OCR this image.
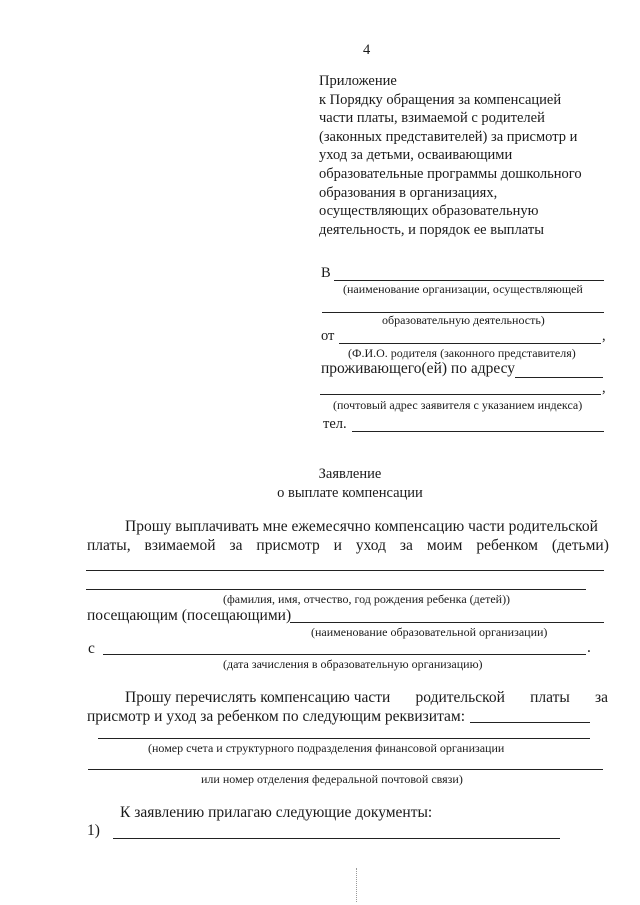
4
Приложение
к Порядку обращения за компенсацией
части платы, взимаемой с родителей
(законных представителей) за присмотр и
уход за детьми, осваивающими
образовательные программы дошкольного
образования в организациях,
осуществляющих образовательную
деятельность, и порядок ее выплаты
В
(наименование организации, осуществляющей
образовательную деятельность)
от	,
(Ф.И.О. родителя (законного представителя)
проживающего(ей) по адресу
,
(почтовый адрес заявителя с указанием индекса)
тел.
Заявление
о выплате компенсации
Прошу выплачивать мне ежемесячно компенсацию части родительской
платы, взимаемой за присмотр и уход за моим ребенком (детьми)
(фамилия, имя, отчество, год рождения ребенка (детей))
посещающим (посещающими)
(наименование образовательной организации)
с	.
(дата зачисления в образовательную организацию)
Прошу перечислять компенсацию части родительской платы за
присмотр и уход за ребенком по следующим реквизитам:
(номер счета и структурного подразделения финансовой организации
или номер отделения федеральной почтовой связи)
К заявлению прилагаю следующие документы:
1)
